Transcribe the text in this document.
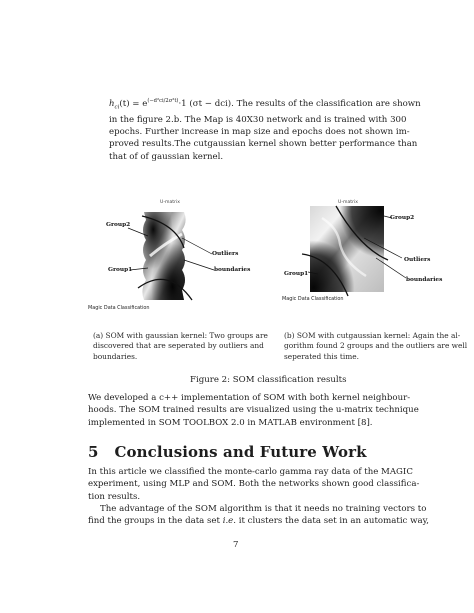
$h_{ci}(t) = e^{(-d^2ci/2\sigma^2t)}\cdot 1$ (σt − dci). The results of the classification are shown
in the figure 2.b. The Map is 40X30 network and is trained with 300
epochs. Further increase in map size and epochs does not shown im-
proved results.The cutgaussian kernel shown better performance than
that of of gaussian kernel.
U-matrix
Group2
Group1
Outliers
boundaries
Magic Data Classification
U-matrix
Group2
Group1
Outliers
boundaries
Magic Data Classification
(a) SOM with gaussian kernel: Two groups are
discovered that are seperated by outliers and
boundaries.
(b) SOM with cutgaussian kernel: Again the al-
gorithm found 2 groups and the outliers are well
seperated this time.
Figure 2: SOM classification results
We developed a c++ implementation of SOM with both kernel neighbour-
hoods. The SOM trained results are visualized using the u-matrix technique
implemented in SOM TOOLBOX 2.0 in MATLAB environment [8].
5 Conclusions and Future Work
In this article we classified the monte-carlo gamma ray data of the MAGIC
experiment, using MLP and SOM. Both the networks shown good classifica-
tion results.
The advantage of the SOM algorithm is that it needs no training vectors to
find the groups in the data set i.e. it clusters the data set in an automatic way,
7
